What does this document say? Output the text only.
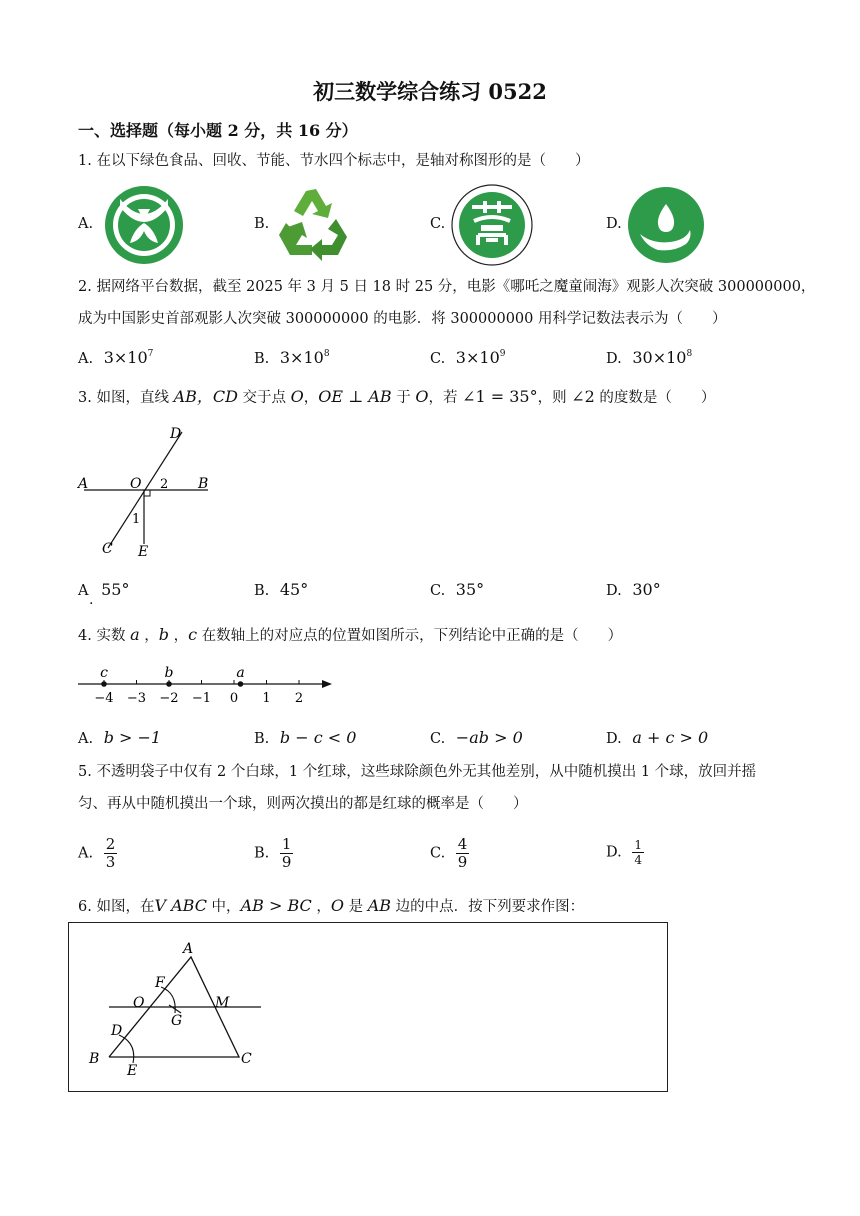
初三数学综合练习 0522
一、选择题（每小题 2 分，共 16 分）
1. 在以下绿色食品、回收、节能、节水四个标志中，是轴对称图形的是（　　）
A.	B.	C.	D.
2. 据网络平台数据，截至 2025 年 3 月 5 日 18 时 25 分，电影《哪吒之魔童闹海》观影人次突破 300000000，
成为中国影史首部观影人次突破 300000000 的电影．将 300000000 用科学记数法表示为（　　）
A. $3\times 10^7$	B. $3\times 10^8$	C. $3\times 10^9$	D. $30\times 10^8$
3. 如图，直线 AB，CD 交于点 O，OE ⊥ AB 于 O，若 ∠1 = 35°，则 ∠2 的度数是（　　）
D
A	O 2 B
1
C E
A 55°
.
B. 45°	C. 35°	D. 30°
4. 实数 a ，b ，c 在数轴上的对应点的位置如图所示，下列结论中正确的是（　　）
−4 −3 −2 −1 0 1 2
c	b	a
A. b > −1	B. b − c < 0	C. −ab > 0	D. a + c > 0
5. 不透明袋子中仅有 2 个白球，1 个红球，这些球除颜色外无其他差别，从中随机摸出 1 个球，放回并摇
匀、再从中随机摸出一个球，则两次摸出的都是红球的概率是（　　）
A. $\frac{2}{3}$	B. $\frac{1}{9}$	C. $\frac{4}{9}$	D. $\frac{1}{4}$
6. 如图，在V ABC 中，AB > BC ，O 是 AB 边的中点．按下列要求作图：
A
F
O	M
G
D
B	C
E
